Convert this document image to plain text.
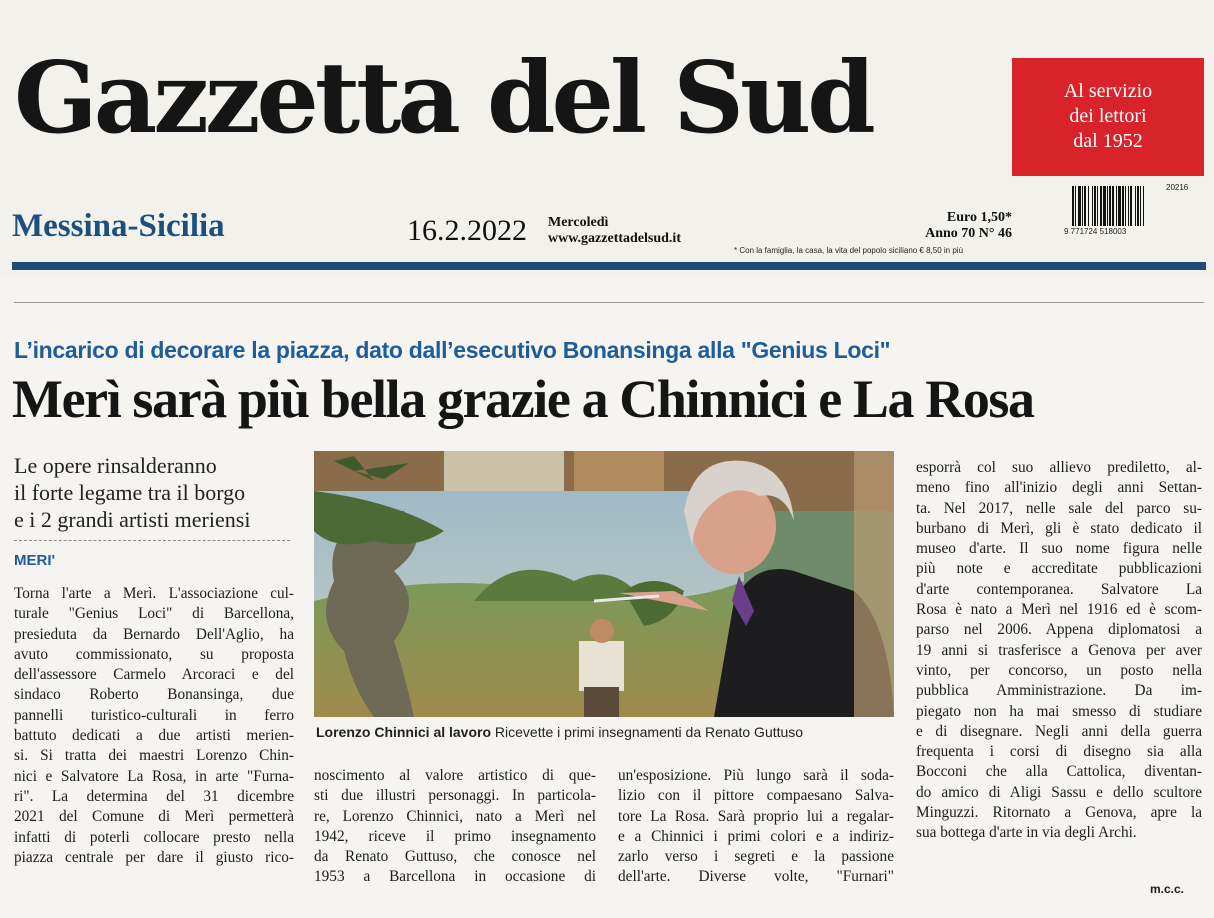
Gazzetta del Sud	Al servizio
dei lettori
dal 1952
Messina-Sicilia	16.2.2022 Mercoledì
www.gazzettadelsud.it
Euro 1,50*
Anno 70 N° 46
* Con la famiglia, la casa, la vita del popolo siciliano € 8,50 in più
20216
9 771724 518003
L’incarico di decorare la piazza, dato dall’esecutivo Bonansinga alla "Genius Loci"
Merì sarà più bella grazie a Chinnici e La Rosa
Le opere rinsalderanno
il forte legame tra il borgo
e i 2 grandi artisti meriensi
MERI'
Torna l'arte a Merì. L'associazione cul-
turale "Genius Loci" di Barcellona,
presieduta da Bernardo Dell'Aglio, ha
avuto commissionato, su proposta
dell'assessore Carmelo Arcoraci e del
sindaco Roberto Bonansinga, due
pannelli turistico-culturali in ferro
battuto dedicati a due artisti merien-
si. Si tratta dei maestri Lorenzo Chin-
nici e Salvatore La Rosa, in arte "Furna-
ri". La determina del 31 dicembre
2021 del Comune di Merì permetterà
infatti di poterli collocare presto nella
piazza centrale per dare il giusto rico-
noscimento al valore artistico di que-
sti due illustri personaggi. In particola-
re, Lorenzo Chinnici, nato a Merì nel
1942, riceve il primo insegnamento
da Renato Guttuso, che conosce nel
1953 a Barcellona in occasione di
un'esposizione. Più lungo sarà il soda-
lizio con il pittore compaesano Salva-
tore La Rosa. Sarà proprio lui a regalar-
e a Chinnici i primi colori e a indiriz-
zarlo verso i segreti e la passione
dell'arte. Diverse volte, "Furnari"
esporrà col suo allievo prediletto, al-
meno fino all'inizio degli anni Settan-
ta. Nel 2017, nelle sale del parco su-
burbano di Merì, gli è stato dedicato il
museo d'arte. Il suo nome figura nelle
più note e accreditate pubblicazioni
d'arte contemporanea. Salvatore La
Rosa è nato a Merì nel 1916 ed è scom-
parso nel 2006. Appena diplomatosi a
19 anni si trasferisce a Genova per aver
vinto, per concorso, un posto nella
pubblica Amministrazione. Da im-
piegato non ha mai smesso di studiare
e di disegnare. Negli anni della guerra
frequenta i corsi di disegno sia alla
Bocconi che alla Cattolica, diventan-
do amico di Aligi Sassu e dello scultore
Minguzzi. Ritornato a Genova, apre la
sua bottega d'arte in via degli Archi.
Lorenzo Chinnici al lavoro Ricevette i primi insegnamenti da Renato Guttuso
m.c.c.
